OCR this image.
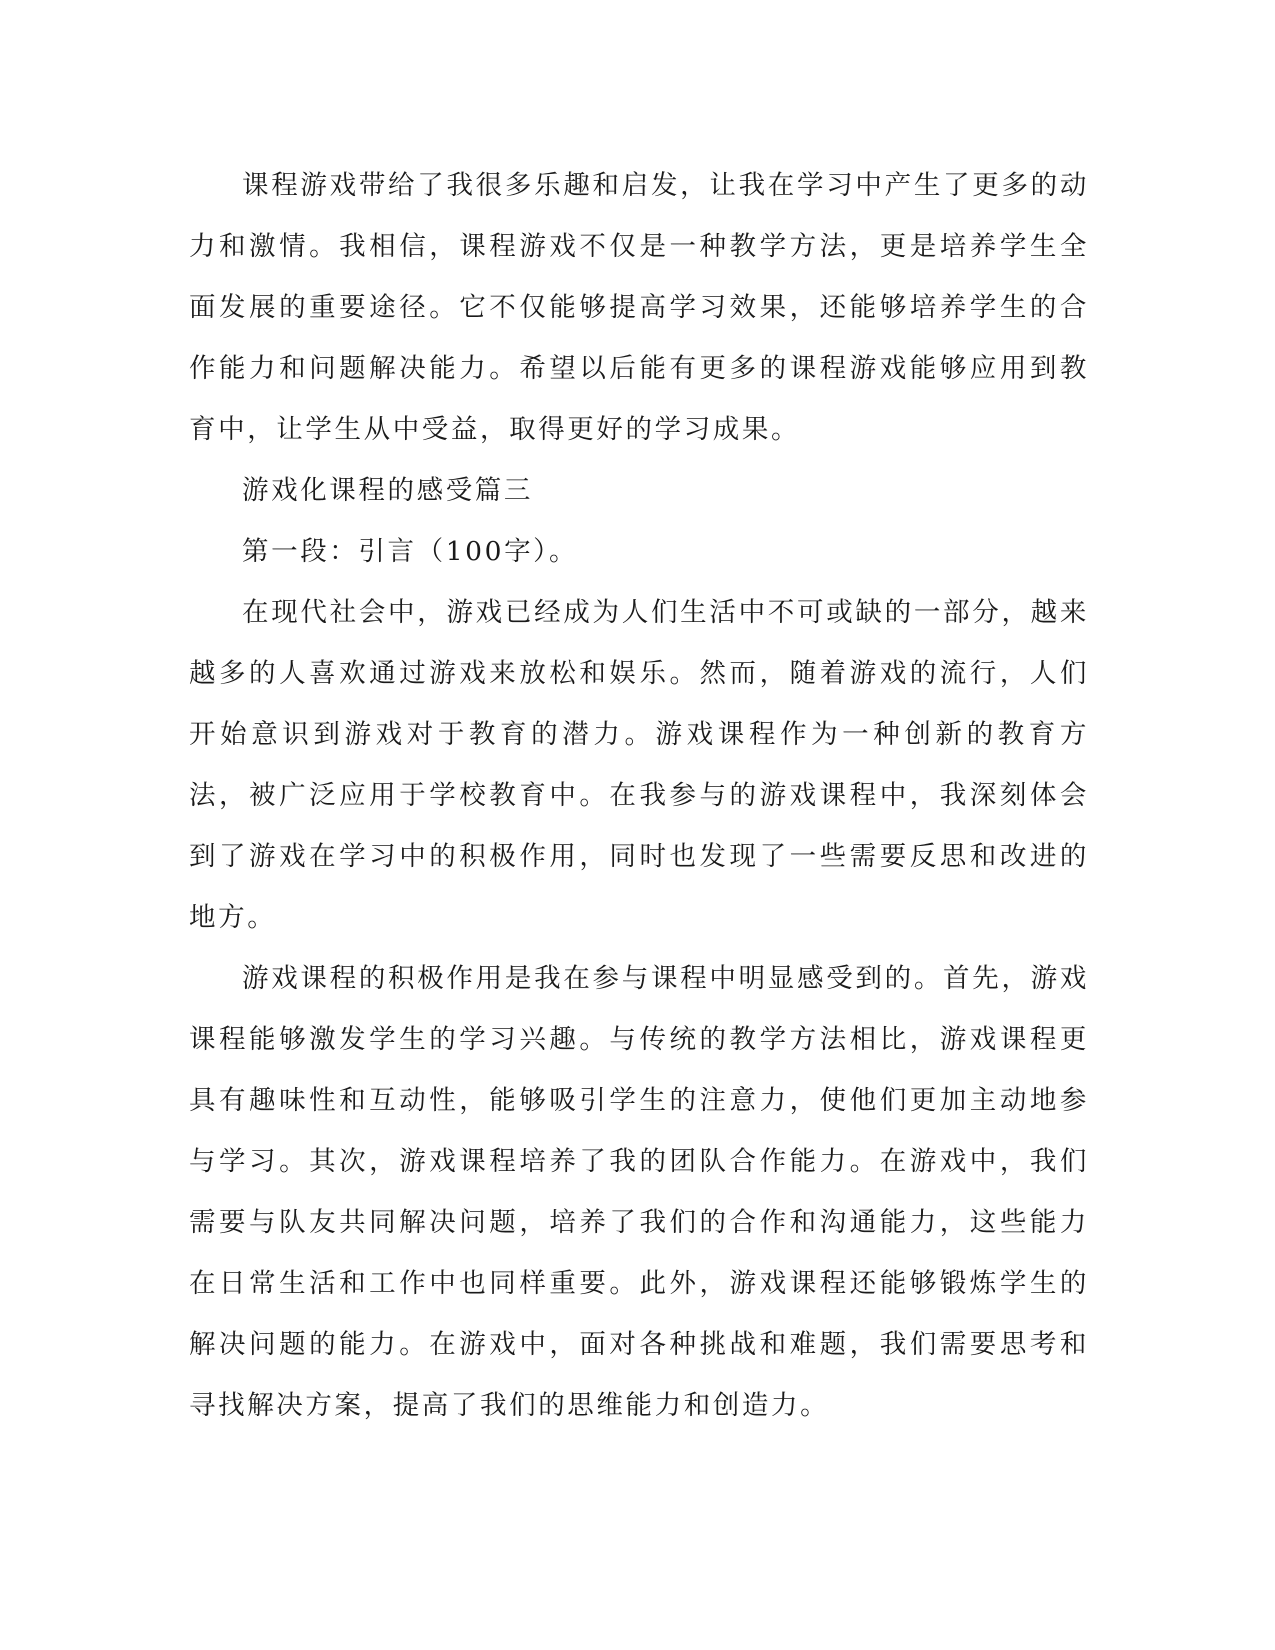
课程游戏带给了我很多乐趣和启发，让我在学习中产生了更多的动力和激情。我相信，课程游戏不仅是一种教学方法，更是培养学生全面发展的重要途径。它不仅能够提高学习效果，还能够培养学生的合作能力和问题解决能力。希望以后能有更多的课程游戏能够应用到教育中，让学生从中受益，取得更好的学习成果。

游戏化课程的感受篇三

第一段：引言（100字）。

在现代社会中，游戏已经成为人们生活中不可或缺的一部分，越来越多的人喜欢通过游戏来放松和娱乐。然而，随着游戏的流行，人们开始意识到游戏对于教育的潜力。游戏课程作为一种创新的教育方法，被广泛应用于学校教育中。在我参与的游戏课程中，我深刻体会到了游戏在学习中的积极作用，同时也发现了一些需要反思和改进的地方。

游戏课程的积极作用是我在参与课程中明显感受到的。首先，游戏课程能够激发学生的学习兴趣。与传统的教学方法相比，游戏课程更具有趣味性和互动性，能够吸引学生的注意力，使他们更加主动地参与学习。其次，游戏课程培养了我的团队合作能力。在游戏中，我们需要与队友共同解决问题，培养了我们的合作和沟通能力，这些能力在日常生活和工作中也同样重要。此外，游戏课程还能够锻炼学生的解决问题的能力。在游戏中，面对各种挑战和难题，我们需要思考和寻找解决方案，提高了我们的思维能力和创造力。
